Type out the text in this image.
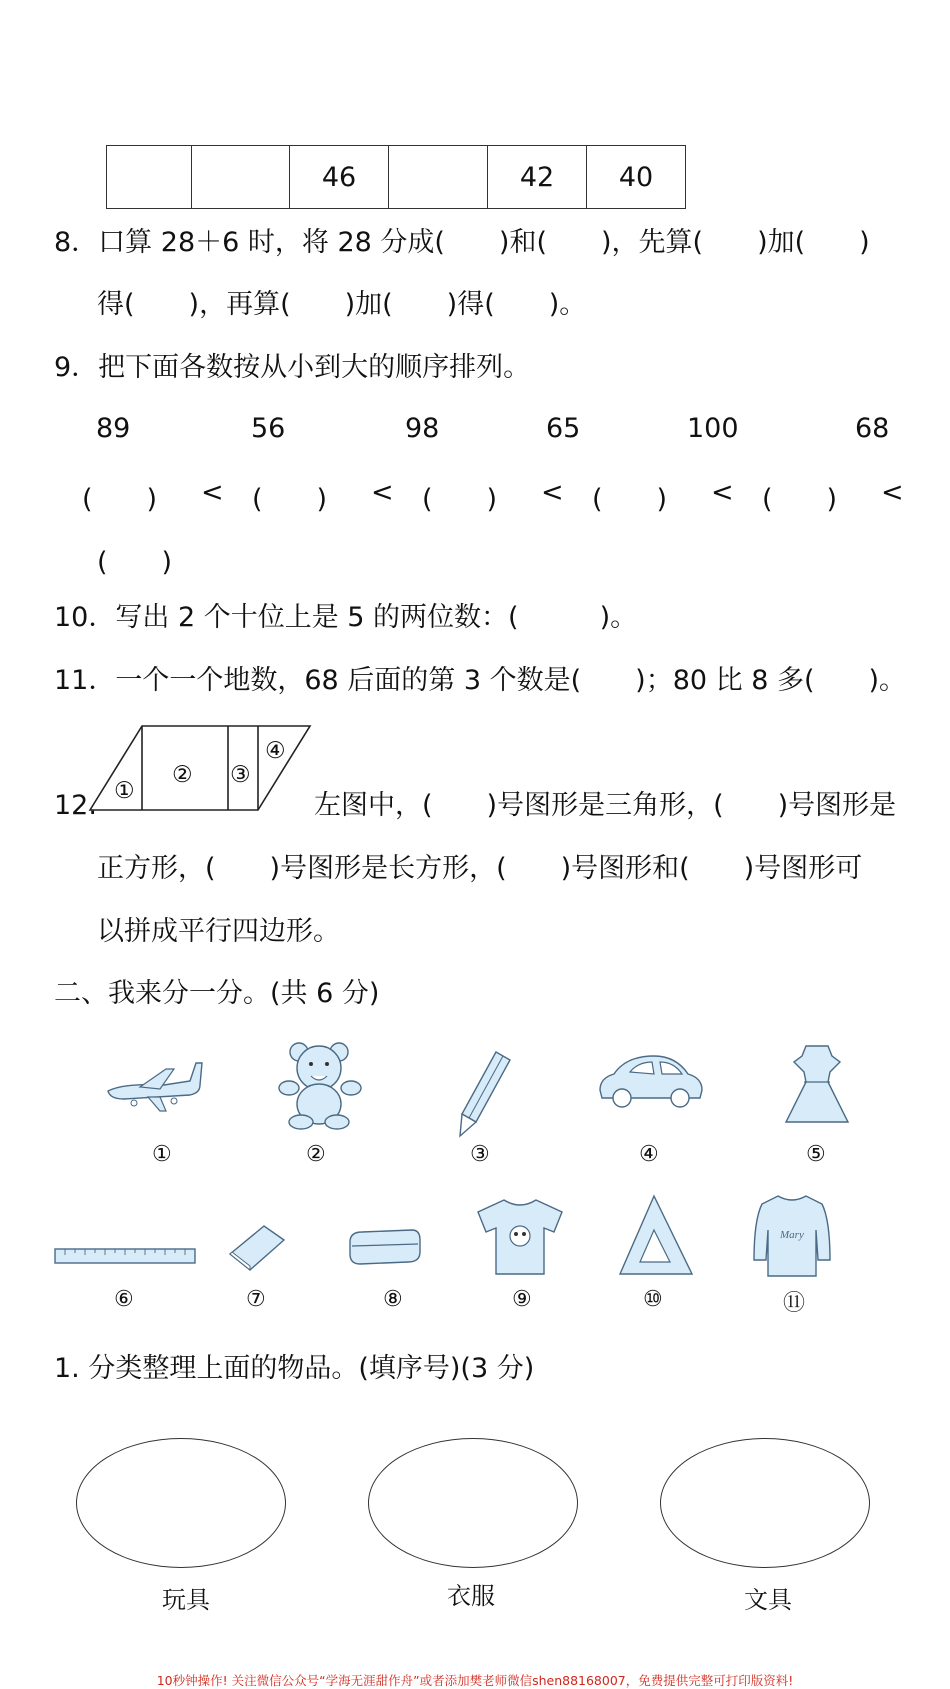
		46		42	40
8．口算 28＋6 时，将 28 分成(　　)和(　　)，先算(　　)加(　　)
得(　　)，再算(　　)加(　　)得(　　)。
9．把下面各数按从小到大的顺序排列。
89	56	98	65	100	68
(　　) < (　　) < (　　) < (　　) < (　　) <
(　　)
10．写出 2 个十位上是 5 的两位数：(　　　)。
11．一个一个地数，68 后面的第 3 个数是(　　)；80 比 8 多(　　)。
①
② ③
④
12.	左图中，(　　)号图形是三角形，(　　)号图形是
正方形，(　　)号图形是长方形，(　　)号图形和(　　)号图形可
以拼成平行四边形。
二、我来分一分。(共 6 分)
①	②	③	④	⑤
Mary
⑥	⑦	⑧	⑨	⑩	⑪
1. 分类整理上面的物品。(填序号)(3 分)
玩具	衣服	文具
10秒钟操作! 关注微信公众号“学海无涯甜作舟”或者添加樊老师微信shen88168007，免费提供完整可打印版资料!
